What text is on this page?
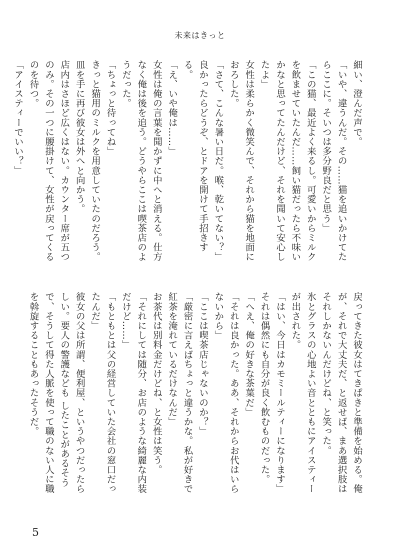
未来はきっと

細い、澄んだ声で。

「いや、違うんだ。その……猫を追いかけてたらここに。そいつは多分野良だと思う」

「この猫、最近よく来るし。可愛いからミルクを飲ませていたんだ……飼い猫だったら不味いかなと思ってたんだけど、それを聞いて安心したよ」

女性は柔らかく微笑んで、それから猫を地面におろした。

「さて、こんな暑い日だ。喉、乾いてない？」

良かったらどうぞ、とドアを開けて手招きする。

「え、いや俺は……」

女性は俺の言葉を聞かずに中へと消える。仕方なく俺は後を追う。どうやらここは喫茶店のようだった。

「ちょっと待ってね」

きっと猫用のミルクを用意していたのだろう。皿を手に再び彼女は外へと向かう。

店内はさほど広くはない。カウンター席が五つのみ。その一つに腰掛けて、女性が戻ってくるのを待つ。

「アイスティーでいい？」

戻ってきた彼女はてきぱきと準備を始める。俺が、それで大丈夫だ、と返せば、まあ選択肢はそれしかないんだけどね、と笑った。

氷とグラスの心地よい音とともにアイスティーが出された。

「はい、今日はカモミールティーになります」

それは偶然にも自分が良く飲むものだった。

「へえ、俺の好きな茶葉だ」

「それは良かった。ああ、それからお代はいらないから」

「ここは喫茶店じゃないのか？」

「厳密に言えばちょっと違うかな。私が好きで紅茶を淹れているだけなんだ」

お茶代は別料金だけどね、と女性は笑う。

「それにしては随分、お店のような綺麗な内装だけど……」

「もともとは父の経営していた会社の窓口だったんだ」

彼女の父は所謂、便利屋、というやつだったらしい。要人の警護なども したことがあるそうで、そうして得た人脈を使って職のない人に職を斡旋することもあったそうだ。

5
